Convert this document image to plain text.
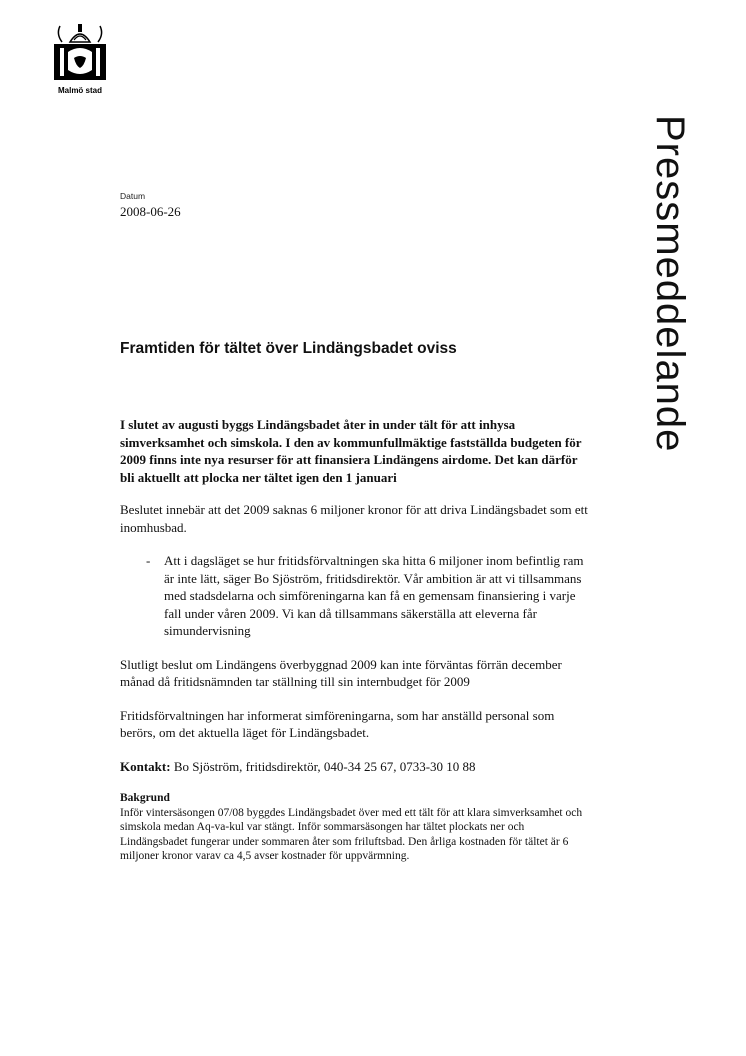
Malmö stad
Pressmeddelande
Datum
2008-06-26
Framtiden för tältet över Lindängsbadet oviss

I slutet av augusti byggs Lindängsbadet åter in under tält för att inhysa simverksamhet och simskola. I den av kommunfullmäktige fastställda budgeten för 2009 finns inte nya resurser för att finansiera Lindängens airdome. Det kan därför bli aktuellt att plocka ner tältet igen den 1 januari

Beslutet innebär att det 2009 saknas 6 miljoner kronor för att driva Lindängsbadet som ett inomhusbad.

- Att i dagsläget se hur fritidsförvaltningen ska hitta 6 miljoner inom befintlig ram är inte lätt, säger Bo Sjöström, fritidsdirektör. Vår ambition är att vi tillsammans med stadsdelarna och simföreningarna kan få en gemensam finansiering i varje fall under våren 2009. Vi kan då tillsammans säkerställa att eleverna får simundervisning

Slutligt beslut om Lindängens överbyggnad 2009 kan inte förväntas förrän december månad då fritidsnämnden tar ställning till sin internbudget för 2009

Fritidsförvaltningen har informerat simföreningarna, som har anställd personal som berörs, om det aktuella läget för Lindängsbadet.

Kontakt: Bo Sjöström, fritidsdirektör, 040-34 25 67, 0733-30 10 88

Bakgrund
Inför vintersäsongen 07/08 byggdes Lindängsbadet över med ett tält för att klara simverksamhet och simskola medan Aq-va-kul var stängt. Inför sommarsäsongen har tältet plockats ner och Lindängsbadet fungerar under sommaren åter som friluftsbad. Den årliga kostnaden för tältet är 6 miljoner kronor varav ca 4,5 avser kostnader för uppvärmning.
